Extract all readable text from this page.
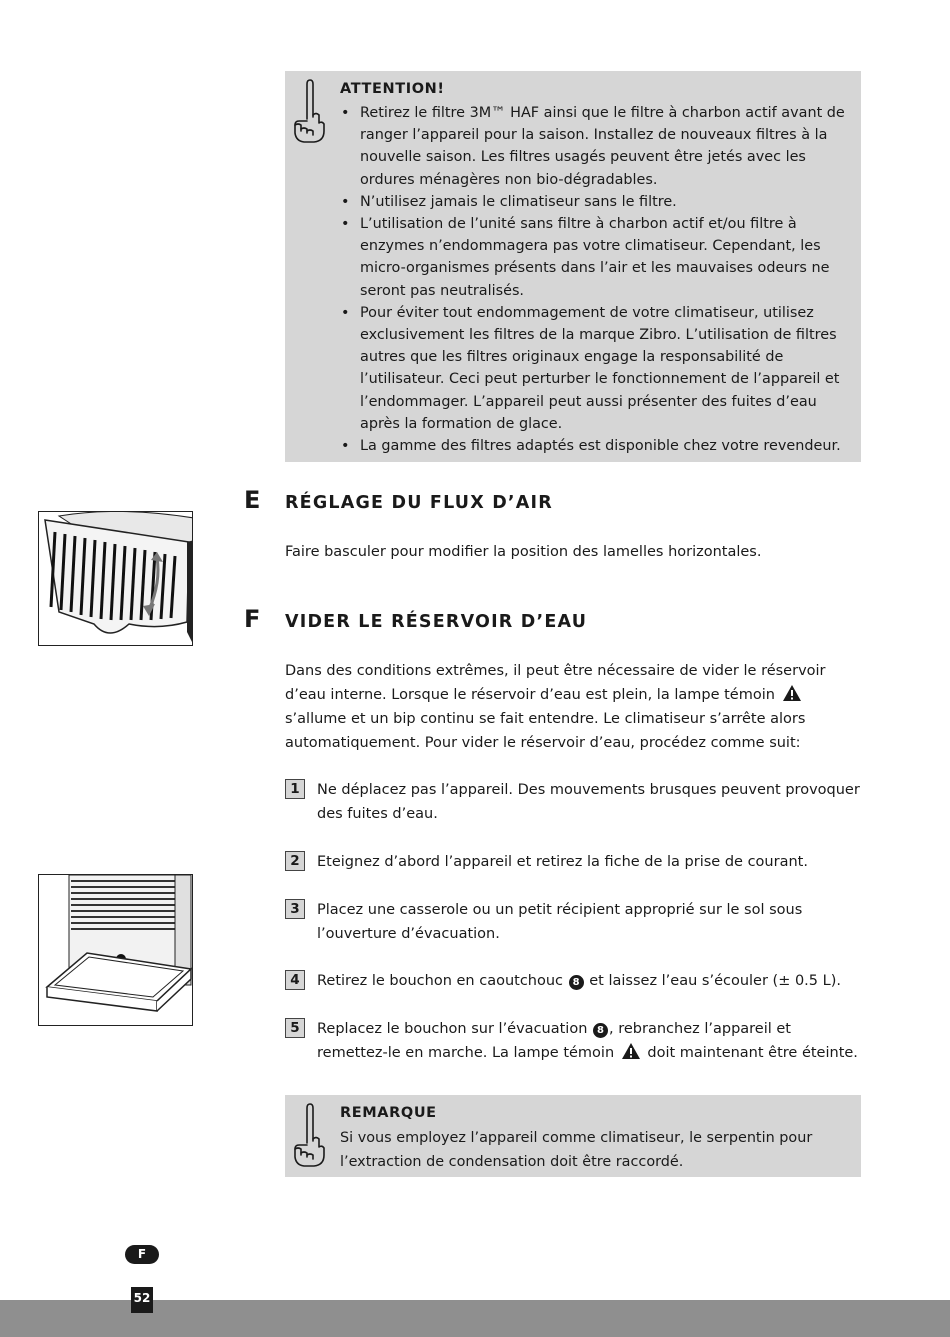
ATTENTION!
• Retirez le filtre 3M™ HAF ainsi que le filtre à charbon actif avant de ranger l’appareil pour la saison. Installez de nouveaux filtres à la nouvelle saison. Les filtres usagés peuvent être jetés avec les ordures ménagères non bio-dégradables.
• N’utilisez jamais le climatiseur sans le filtre.
• L’utilisation de l’unité sans filtre à charbon actif et/ou filtre à enzymes n’endommagera pas votre climatiseur. Cependant, les micro-organismes présents dans l’air et les mauvaises odeurs ne seront pas neutralisés.
• Pour éviter tout endommagement de votre climatiseur, utilisez exclusivement les filtres de la marque Zibro. L’utilisation de filtres autres que les filtres originaux engage la responsabilité de l’utilisateur. Ceci peut perturber le fonctionnement de l’appareil et l’endommager. L’appareil peut aussi présenter des fuites d’eau après la formation de glace.
• La gamme des filtres adaptés est disponible chez votre revendeur.
E RÉGLAGE DU FLUX D’AIR

Faire basculer pour modifier la position des lamelles horizontales.

F VIDER LE RÉSERVOIR D’EAU

Dans des conditions extrêmes, il peut être nécessaire de vider le réservoir d’eau interne. Lorsque le réservoir d’eau est plein, la lampe témoin  s’allume et un bip continu se fait entendre. Le climatiseur s’arrête alors automatiquement. Pour vider le réservoir d’eau, procédez comme suit:

1	Ne déplacez pas l’appareil. Des mouvements brusques peuvent provoquer des fuites d’eau.

2	Eteignez d’abord l’appareil et retirez la fiche de la prise de courant.

3	Placez une casserole ou un petit récipient approprié sur le sol sous l’ouverture d’évacuation.

4	Retirez le bouchon en caoutchouc 8 et laissez l’eau s’écouler (± 0.5 L).

5	Replacez le bouchon sur l’évacuation 8 , rebranchez l’appareil et remettez-le en marche. La lampe témoin doit maintenant être éteinte.

REMARQUE

Si vous employez l’appareil comme climatiseur, le serpentin pour l’extraction de condensation doit être raccordé.

F
52
